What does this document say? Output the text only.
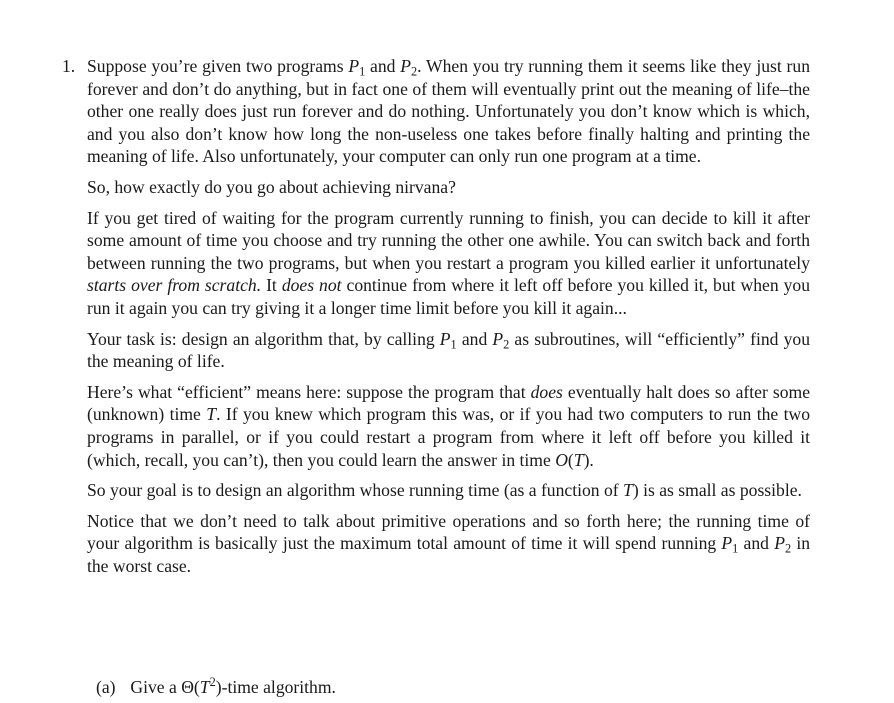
1. Suppose you’re given two programs $P_1$ and $P_2$. When you try running them it seems like they just run forever and don’t do anything, but in fact one of them will eventually print out the meaning of life–the other one really does just run forever and do nothing. Unfortunately you don’t know which is which, and you also don’t know how long the non-useless one takes before finally halting and printing the meaning of life. Also unfortunately, your computer can only run one program at a time.

So, how exactly do you go about achieving nirvana?

If you get tired of waiting for the program currently running to finish, you can decide to kill it after some amount of time you choose and try running the other one awhile. You can switch back and forth between running the two programs, but when you restart a program you killed earlier it unfortunately starts over from scratch. It does not continue from where it left off before you killed it, but when you run it again you can try giving it a longer time limit before you kill it again...

Your task is: design an algorithm that, by calling $P_1$ and $P_2$ as subroutines, will “efficiently” find you the meaning of life.

Here’s what “efficient” means here: suppose the program that does eventually halt does so after some (unknown) time T. If you knew which program this was, or if you had two computers to run the two programs in parallel, or if you could restart a program from where it left off before you killed it (which, recall, you can’t), then you could learn the answer in time O(T).

So your goal is to design an algorithm whose running time (as a function of T) is as small as possible.

Notice that we don’t need to talk about primitive operations and so forth here; the running time of your algorithm is basically just the maximum total amount of time it will spend running $P_1$ and $P_2$ in the worst case.

(a) Give a $\Theta(T^2)$-time algorithm.
